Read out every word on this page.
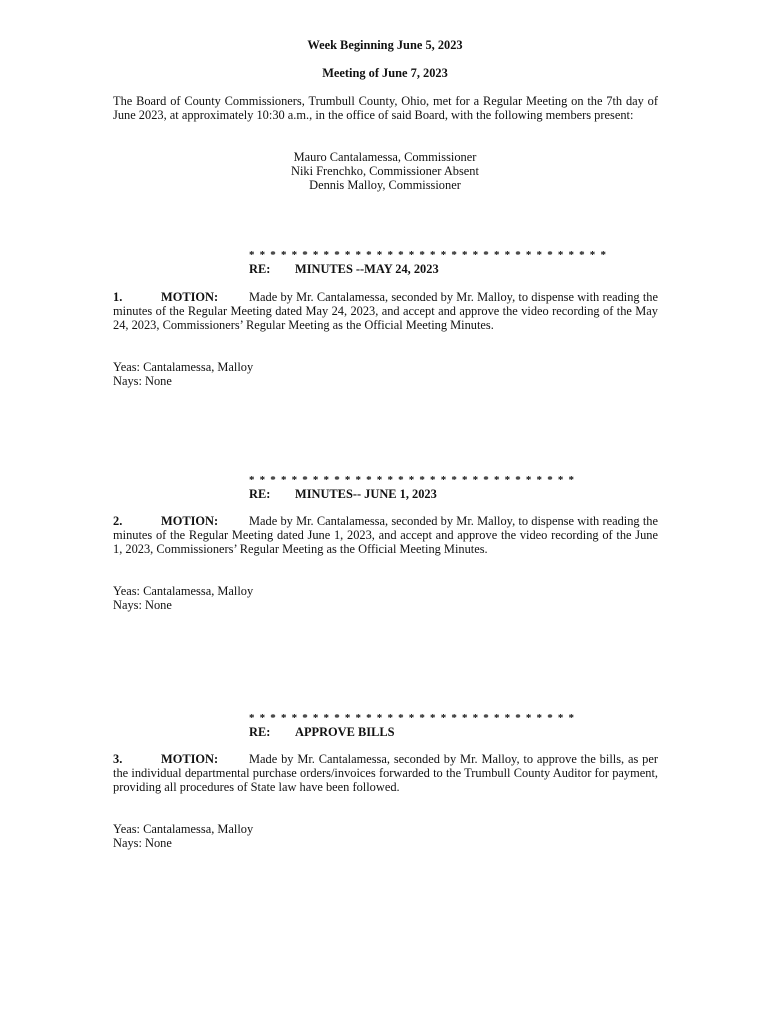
Week Beginning June 5, 2023
Meeting of June 7, 2023
The Board of County Commissioners, Trumbull County, Ohio, met for a Regular Meeting on the 7th day of June 2023, at approximately 10:30 a.m., in the office of said Board, with the following members present:
Mauro Cantalamessa, Commissioner
Niki Frenchko, Commissioner Absent
Dennis Malloy, Commissioner
* * * * * * * * * * * * * * * * * * * * * * * * * * * * * * * * * *
RE: MINUTES --MAY 24, 2023
1.	MOTION: Made by Mr. Cantalamessa, seconded by Mr. Malloy, to dispense with reading the minutes of the Regular Meeting dated May 24, 2023, and accept and approve the video recording of the May 24, 2023, Commissioners’ Regular Meeting as the Official Meeting Minutes.
Yeas: Cantalamessa, Malloy
Nays: None
* * * * * * * * * * * * * * * * * * * * * * * * * * * * * * *
RE: MINUTES-- JUNE 1, 2023
2.	MOTION: Made by Mr. Cantalamessa, seconded by Mr. Malloy, to dispense with reading the minutes of the Regular Meeting dated June 1, 2023, and accept and approve the video recording of the June 1, 2023, Commissioners’ Regular Meeting as the Official Meeting Minutes.
Yeas: Cantalamessa, Malloy
Nays: None
* * * * * * * * * * * * * * * * * * * * * * * * * * * * * * *
RE: APPROVE BILLS
3.	MOTION: Made by Mr. Cantalamessa, seconded by Mr. Malloy, to approve the bills, as per the individual departmental purchase orders/invoices forwarded to the Trumbull County Auditor for payment, providing all procedures of State law have been followed.
Yeas: Cantalamessa, Malloy
Nays: None
